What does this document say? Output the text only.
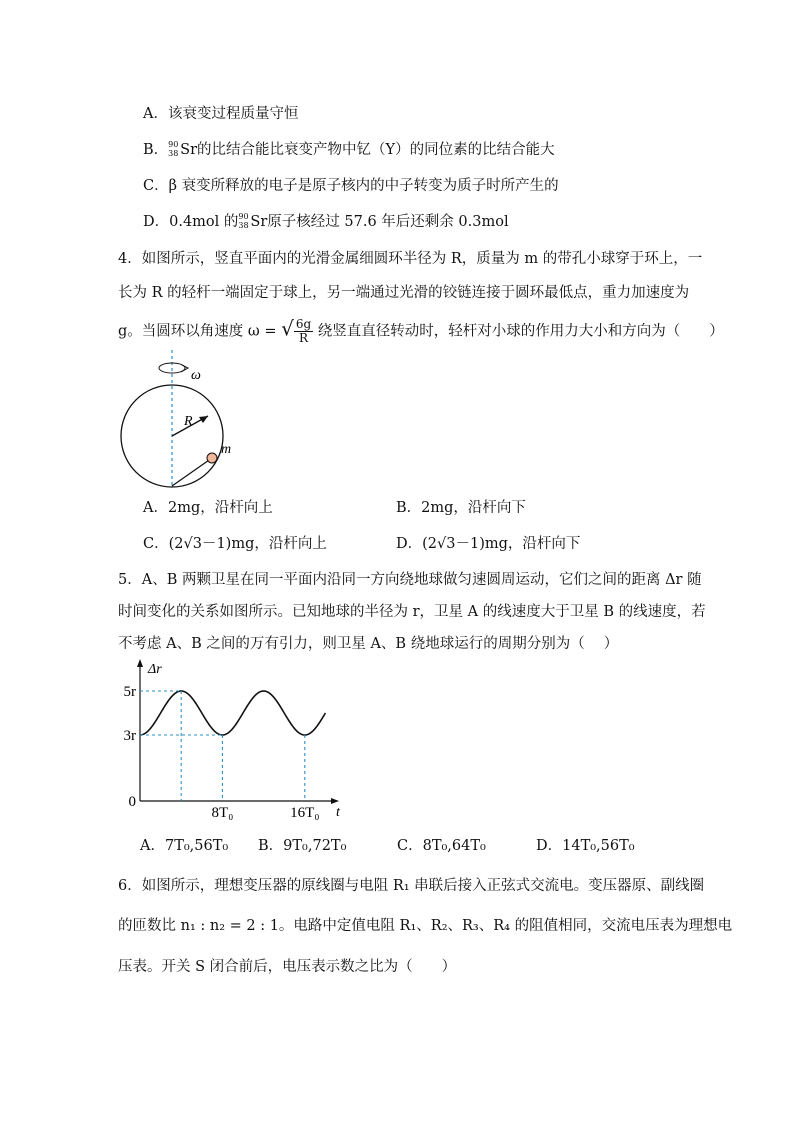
A．该衰变过程质量守恒
B． 90
38 Sr的比结合能比衰变产物中钇（Y）的同位素的比结合能大
C．β 衰变所释放的电子是原子核内的中子转变为质子时所产生的
D．0.4mol 的 90
38 Sr原子核经过 57.6 年后还剩余 0.3mol
4．如图所示，竖直平面内的光滑金属细圆环半径为 R，质量为 m 的带孔小球穿于环上，一
长为 R 的轻杆一端固定于球上，另一端通过光滑的铰链连接于圆环最低点，重力加速度为
g。当圆环以角速度 ω = √ $\frac{6g}{R}$ 绕竖直直径转动时，轻杆对小球的作用力大小和方向为（　　）
ω
R
m
A．2mg，沿杆向上	B．2mg，沿杆向下
C．(2√3－1)mg，沿杆向上	D．(2√3－1)mg，沿杆向下
5．A、B 两颗卫星在同一平面内沿同一方向绕地球做匀速圆周运动，它们之间的距离 Δr 随
时间变化的关系如图所示。已知地球的半径为 r，卫星 A 的线速度大于卫星 B 的线速度，若
不考虑 A、B 之间的万有引力，则卫星 A、B 绕地球运行的周期分别为（　 ）
Δr
t
5r
3r
0
8T₀	16T₀
A．7T₀,56T₀ B．9T₀,72T₀	C．8T₀,64T₀	D．14T₀,56T₀
6．如图所示，理想变压器的原线圈与电阻 R₁ 串联后接入正弦式交流电。变压器原、副线圈
的匝数比 n₁ : n₂ = 2 : 1。电路中定值电阻 R₁、R₂、R₃、R₄ 的阻值相同，交流电压表为理想电
压表。开关 S 闭合前后，电压表示数之比为（　　）
